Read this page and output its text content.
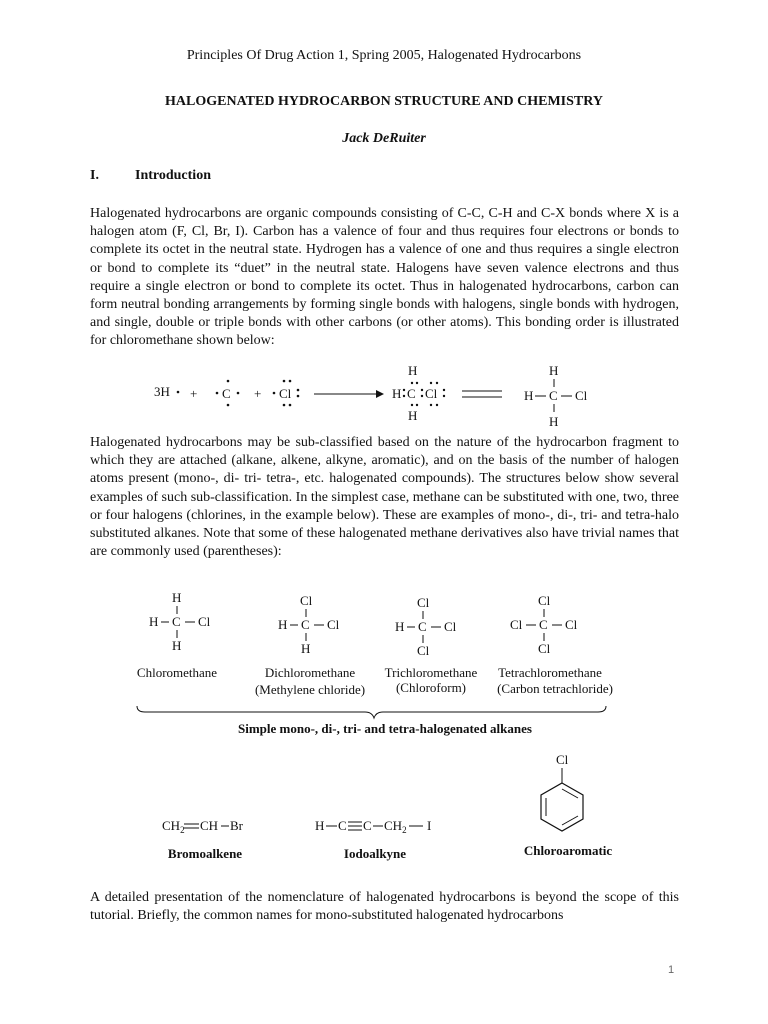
Principles Of Drug Action 1, Spring 2005, Halogenated Hydrocarbons
HALOGENATED HYDROCARBON STRUCTURE AND CHEMISTRY
Jack DeRuiter
I.	Introduction
Halogenated hydrocarbons are organic compounds consisting of C-C, C-H and C-X bonds where X is a halogen atom (F, Cl, Br, I). Carbon has a valence of four and thus requires four electrons or bonds to complete its octet in the neutral state. Hydrogen has a valence of one and thus requires a single electron or bond to complete its “duet” in the neutral state. Halogens have seven valence electrons and thus require a single electron or bond to complete its octet. Thus in halogenated hydrocarbons, carbon can form neutral bonding arrangements by forming single bonds with halogens, single bonds with hydrogen, and single, double or triple bonds with other carbons (or other atoms). This bonding order is illustrated for chloromethane shown below:
Halogenated hydrocarbons may be sub-classified based on the nature of the hydrocarbon fragment to which they are attached (alkane, alkene, alkyne, aromatic), and on the basis of the number of halogen atoms present (mono-, di- tri- tetra-, etc. halogenated compounds). The structures below show several examples of such sub-classification. In the simplest case, methane can be substituted with one, two, three or four halogens (chlorines, in the example below). These are examples of mono-, di-, tri- and tetra-halo substituted alkanes. Note that some of these halogenated methane derivatives also have trivial names that are commonly used (parentheses):
A detailed presentation of the nomenclature of halogenated hydrocarbons is beyond the scope of this tutorial. Briefly, the common names for mono-substituted halogenated hydrocarbons
3H + C + Cl
H
H C Cl
H
H
H C Cl
H
H
H C Cl
H
Cl
H C Cl
H
Cl
H C Cl
Cl
Cl
Cl C Cl
Cl
$CH_2$ CH Br	H C C $CH_2$ I
Cl
Chloromethane	Dichloromethane
(Methylene chloride)
Trichloromethane
(Chloroform)
Tetrachloromethane
(Carbon tetrachloride)
Simple mono-, di-, tri- and tetra-halogenated alkanes
Bromoalkene	Iodoalkyne	Chloroaromatic
1
